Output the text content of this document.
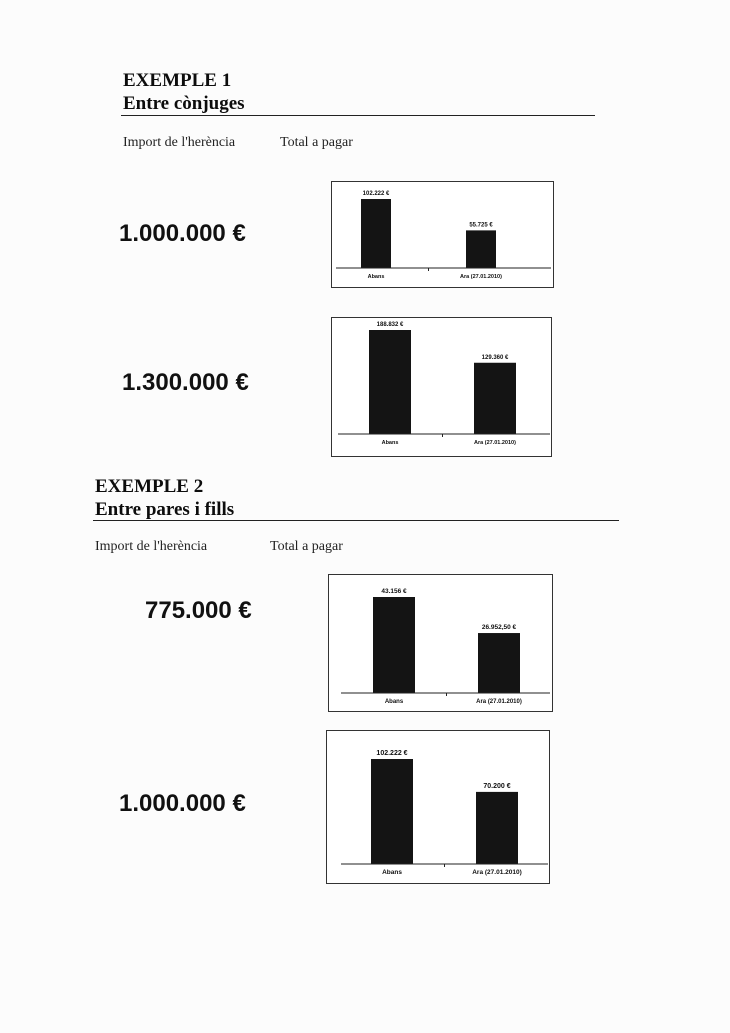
EXEMPLE 1
Entre cònjuges
Import de l'herència	Total a pagar
1.000.000 €
1.300.000 €
EXEMPLE 2
Entre pares i fills
Import de l'herència	Total a pagar
775.000 €
1.000.000 €
102.222 €
Abans
55.725 €
Ara (27.01.2010)
188.832 €
Abans
129.360 €
Ara (27.01.2010)
43.156 €
Abans
26.952,50 €
Ara (27.01.2010)
102.222 €
Abans
70.200 €
Ara (27.01.2010)
